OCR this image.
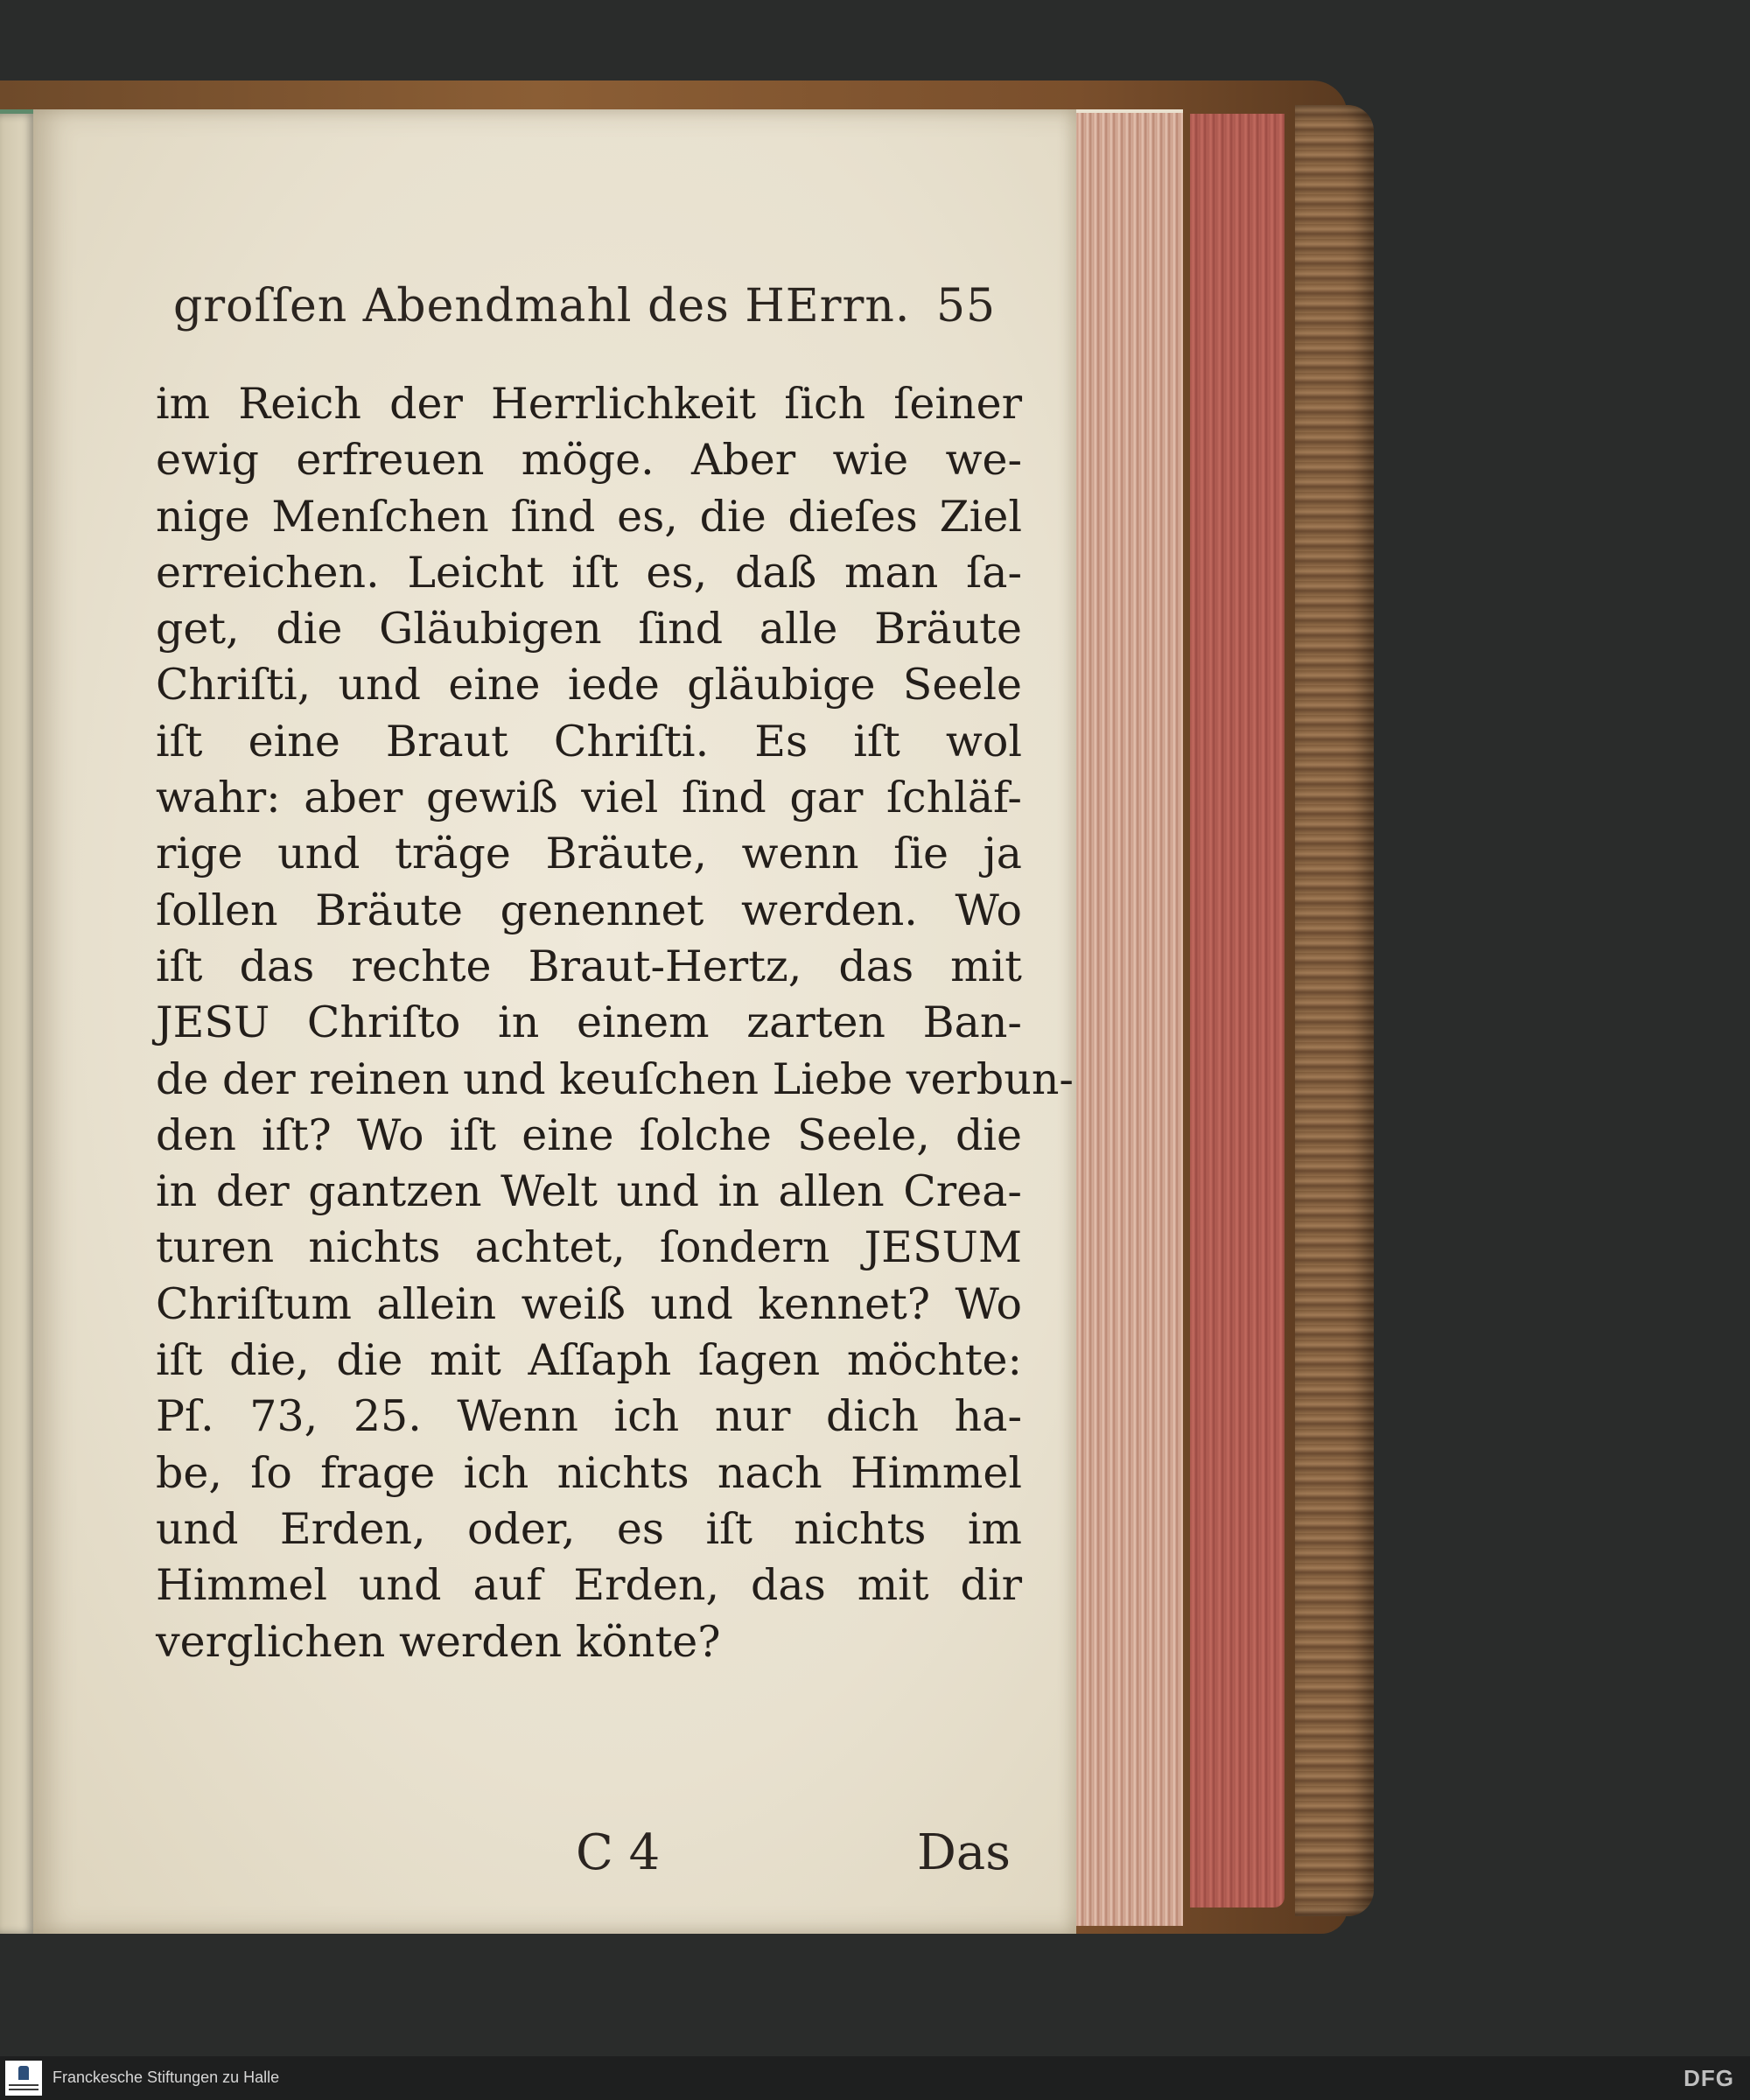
groſſen Abendmahl des HErrn. 55
im Reich der Herrlichkeit ſich ſeiner
ewig erfreuen möge. Aber wie we-
nige Menſchen ſind es, die dieſes Ziel
erreichen. Leicht iſt es, daß man ſa-
get, die Gläubigen ſind alle Bräute
Chriſti, und eine iede gläubige Seele
iſt eine Braut Chriſti. Es iſt wol
wahr: aber gewiß viel ſind gar ſchläf-
rige und träge Bräute, wenn ſie ja
ſollen Bräute genennet werden. Wo
iſt das rechte Braut-Hertz, das mit
JESU Chriſto in einem zarten Ban-
de der reinen und keuſchen Liebe verbun-
den iſt? Wo iſt eine ſolche Seele, die
in der gantzen Welt und in allen Crea-
turen nichts achtet, ſondern JESUM
Chriſtum allein weiß und kennet? Wo
iſt die, die mit Aſſaph ſagen möchte:
Pſ. 73, 25. Wenn ich nur dich ha-
be, ſo frage ich nichts nach Himmel
und Erden, oder, es iſt nichts im
Himmel und auf Erden, das mit dir
verglichen werden könte?
C 4	Das
Franckesche Stiftungen zu Halle	DFG
